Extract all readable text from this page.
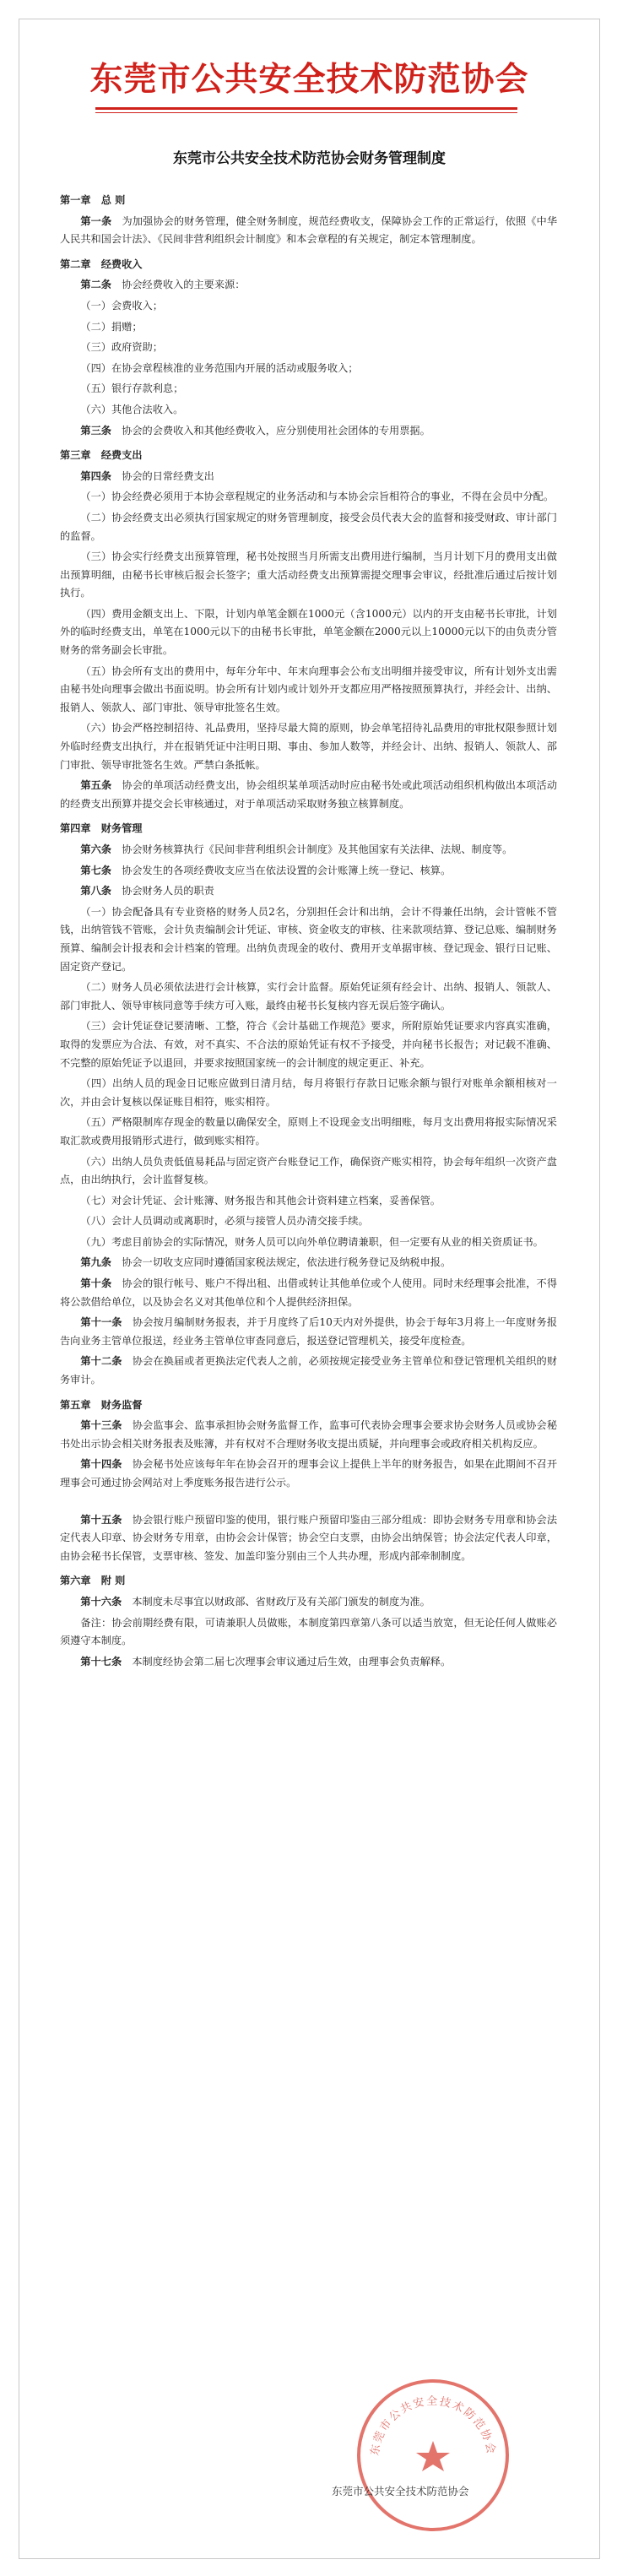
东莞市公共安全技术防范协会
东莞市公共安全技术防范协会财务管理制度
第一章　总 则
第一条　 为加强协会的财务管理，健全财务制度，规范经费收支，保障协会工作的正常运行，依照《中华人民共和国会计法》、《民间非营利组织会计制度》和本会章程的有关规定，制定本管理制度。
第二章　经费收入
第二条　 协会经费收入的主要来源：
（一）会费收入；
（二）捐赠；
（三）政府资助；
（四）在协会章程核准的业务范围内开展的活动或服务收入；
（五）银行存款利息；
（六）其他合法收入。
第三条　 协会的会费收入和其他经费收入，应分别使用社会团体的专用票据。
第三章　经费支出
第四条　 协会的日常经费支出
（一）协会经费必须用于本协会章程规定的业务活动和与本协会宗旨相符合的事业，不得在会员中分配。
（二）协会经费支出必须执行国家规定的财务管理制度，接受会员代表大会的监督和接受财政、审计部门的监督。
（三）协会实行经费支出预算管理，秘书处按照当月所需支出费用进行编制，当月计划下月的费用支出做出预算明细，由秘书长审核后报会长签字；重大活动经费支出预算需提交理事会审议，经批准后通过后按计划执行。
（四）费用金额支出上、下限，计划内单笔金额在1000元（含1000元）以内的开支由秘书长审批，计划外的临时经费支出，单笔在1000元以下的由秘书长审批，单笔金额在2000元以上10000元以下的由负责分管财务的常务副会长审批。
（五）协会所有支出的费用中，每年分年中、年末向理事会公布支出明细并接受审议，所有计划外支出需由秘书处向理事会做出书面说明。协会所有计划内或计划外开支都应用严格按照预算执行，并经会计、出纳、报销人、领款人、部门审批、领导审批签名生效。
（六）协会严格控制招待、礼品费用，坚持尽最大简的原则，协会单笔招待礼品费用的审批权限参照计划外临时经费支出执行，并在报销凭证中注明日期、事由、参加人数等，并经会计、出纳、报销人、领款人、部门审批、领导审批签名生效。严禁白条抵帐。
第五条　 协会的单项活动经费支出，协会组织某单项活动时应由秘书处或此项活动组织机构做出本项活动的经费支出预算并提交会长审核通过，对于单项活动采取财务独立核算制度。
第四章　财务管理
第六条　 协会财务核算执行《民间非营利组织会计制度》及其他国家有关法律、法规、制度等。
第七条　 协会发生的各项经费收支应当在依法设置的会计账簿上统一登记、核算。
第八条　 协会财务人员的职责
（一）协会配备具有专业资格的财务人员2名，分别担任会计和出纳，会计不得兼任出纳，会计管帐不管钱，出纳管钱不管账，会计负责编制会计凭证、审核、资金收支的审核、往来款项结算、登记总账、编制财务预算、编制会计报表和会计档案的管理。出纳负责现金的收付、费用开支单据审核、登记现金、银行日记账、固定资产登记。
（二）财务人员必须依法进行会计核算，实行会计监督。原始凭证须有经会计、出纳、报销人、领款人、部门审批人、领导审核同意等手续方可入账，最终由秘书长复核内容无误后签字确认。
（三）会计凭证登记要清晰、工整，符合《会计基础工作规范》要求，所附原始凭证要求内容真实准确，取得的发票应为合法、有效，对不真实、不合法的原始凭证有权不予接受，并向秘书长报告；对记载不准确、不完整的原始凭证予以退回，并要求按照国家统一的会计制度的规定更正、补充。
（四）出纳人员的现金日记账应做到日清月结，每月将银行存款日记账余额与银行对账单余额相核对一次，并由会计复核以保证账目相符，账实相符。
（五）严格限制库存现金的数量以确保安全，原则上不设现金支出明细账，每月支出费用将报实际情况采取汇款或费用报销形式进行，做到账实相符。
（六）出纳人员负责低值易耗品与固定资产台账登记工作，确保资产账实相符，协会每年组织一次资产盘点，由出纳执行，会计监督复核。
（七）对会计凭证、会计账簿、财务报告和其他会计资料建立档案，妥善保管。
（八）会计人员调动或离职时，必须与接管人员办清交接手续。
（九）考虑目前协会的实际情况，财务人员可以向外单位聘请兼职，但一定要有从业的相关资质证书。
第九条　 协会一切收支应同时遵循国家税法规定，依法进行税务登记及纳税申报。
第十条　 协会的银行帐号、账户不得出租、出借或转让其他单位或个人使用。同时未经理事会批准，不得将公款借给单位，以及协会名义对其他单位和个人提供经济担保。
第十一条　 协会按月编制财务报表，并于月度终了后10天内对外提供，协会于每年3月将上一年度财务报告向业务主管单位报送，经业务主管单位审查同意后，报送登记管理机关，接受年度检查。
第十二条　 协会在换届或者更换法定代表人之前，必须按规定接受业务主管单位和登记管理机关组织的财务审计。
第五章　财务监督
第十三条　 协会监事会、监事承担协会财务监督工作，监事可代表协会理事会要求协会财务人员或协会秘书处出示协会相关财务报表及账簿，并有权对不合理财务收支提出质疑，并向理事会或政府相关机构反应。
第十四条　 协会秘书处应该每年年在协会召开的理事会议上提供上半年的财务报告，如果在此期间不召开理事会可通过协会网站对上季度账务报告进行公示。
第十五条　 协会银行账户预留印鉴的使用，银行账户预留印鉴由三部分组成：即协会财务专用章和协会法定代表人印章、协会财务专用章，由协会会计保管；协会空白支票，由协会出纳保管；协会法定代表人印章，由协会秘书长保管，支票审核、签发、加盖印鉴分别由三个人共办理，形成内部牵制制度。
第六章　附 则
第十六条　 本制度未尽事宜以财政部、省财政厅及有关部门颁发的制度为准。
备注：协会前期经费有限，可请兼职人员做账，本制度第四章第八条可以适当放宽，但无论任何人做账必须遵守本制度。
第十七条　 本制度经协会第二届七次理事会审议通过后生效，由理事会负责解释。
东莞市公共安全技术防范协会
东莞市公共安全技术防范协会
